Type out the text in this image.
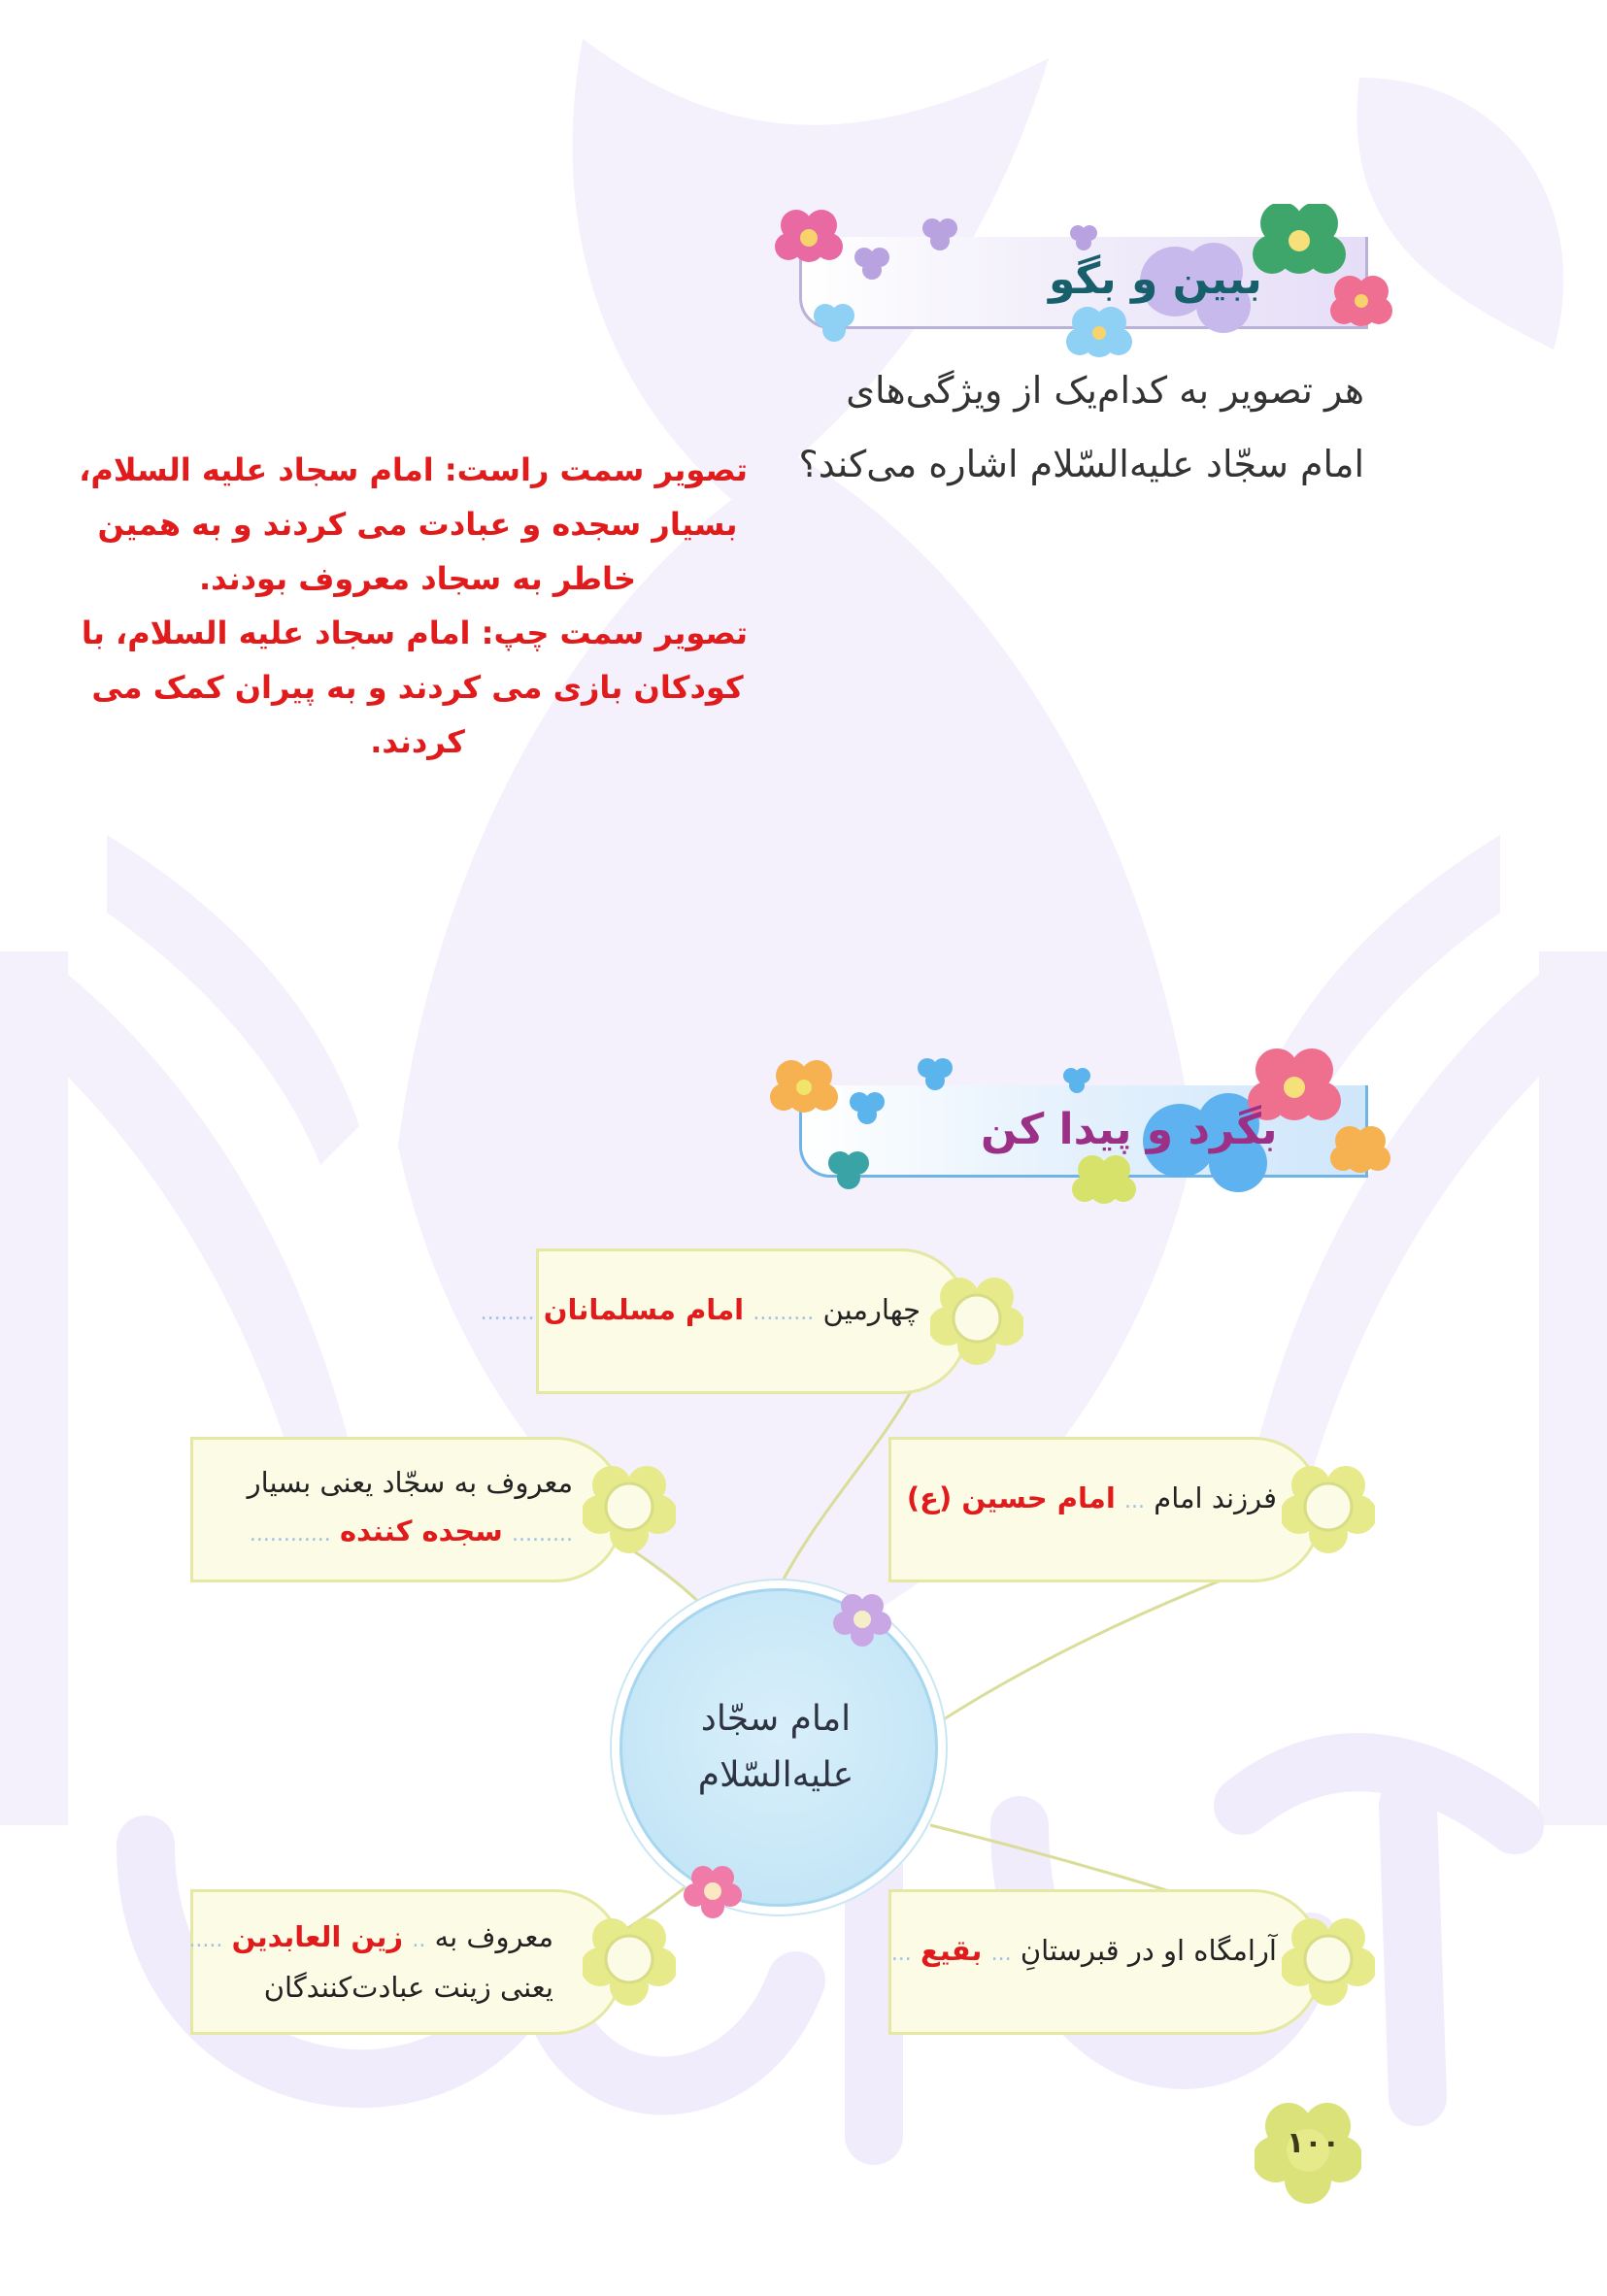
ببین و بگو
هر تصویر به کدام‌یک از ویژگی‌های
امام سجّاد علیه‌السّلام اشاره می‌کند؟
تصویر سمت راست: امام سجاد علیه السلام،
بسیار سجده و عبادت می کردند و به همین
خاطر به سجاد معروف بودند.
تصویر سمت چپ: امام سجاد علیه السلام، با
کودکان بازی می کردند و به پیران کمک می
کردند.
بگرد و پیدا کن
چهارمین ......... امام مسلمانان ........
فرزند امام ... امام حسین (ع)
معروف به سجّاد یعنی بسیار
......... سجده کننده ............
امام سجّاد
علیه‌السّلام
آرامگاه او در قبرستانِ ... بقیع ...
معروف به .. زین العابدین .....
یعنی زینت عبادت‌کنندگان
۱۰۰
